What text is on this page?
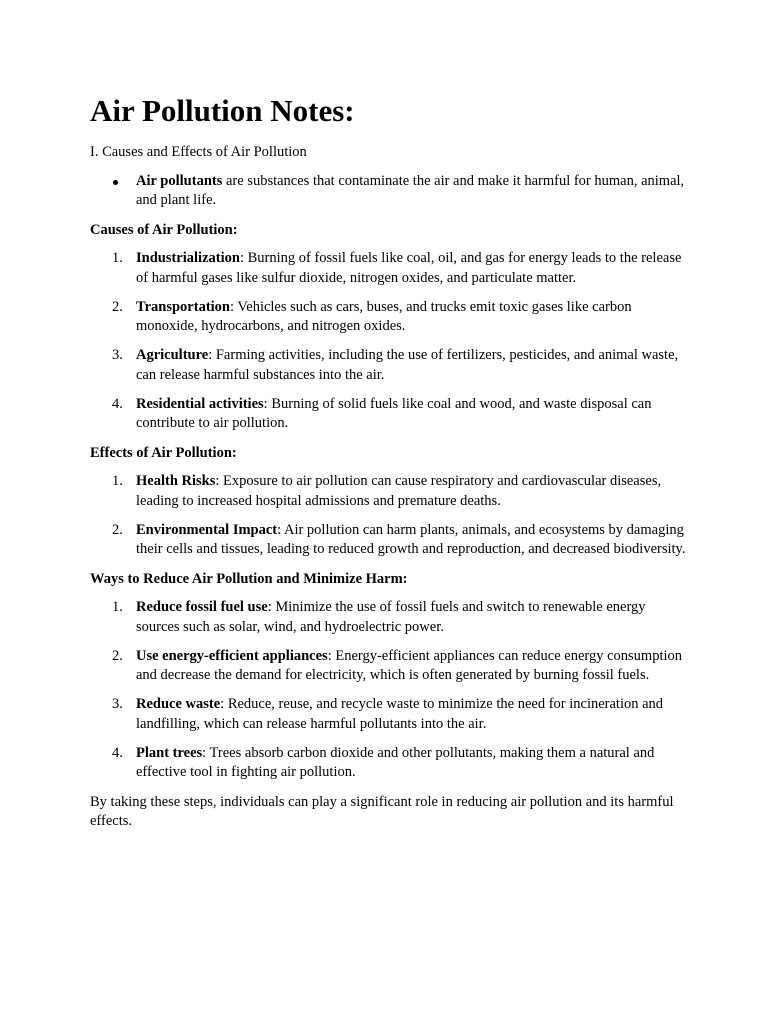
Air Pollution Notes:

I. Causes and Effects of Air Pollution

Air pollutants are substances that contaminate the air and make it harmful for human, animal, and plant life.

Causes of Air Pollution:

1. Industrialization: Burning of fossil fuels like coal, oil, and gas for energy leads to the release of harmful gases like sulfur dioxide, nitrogen oxides, and particulate matter.
2. Transportation: Vehicles such as cars, buses, and trucks emit toxic gases like carbon monoxide, hydrocarbons, and nitrogen oxides.
3. Agriculture: Farming activities, including the use of fertilizers, pesticides, and animal waste, can release harmful substances into the air.
4. Residential activities: Burning of solid fuels like coal and wood, and waste disposal can contribute to air pollution.

Effects of Air Pollution:

1. Health Risks: Exposure to air pollution can cause respiratory and cardiovascular diseases, leading to increased hospital admissions and premature deaths.
2. Environmental Impact: Air pollution can harm plants, animals, and ecosystems by damaging their cells and tissues, leading to reduced growth and reproduction, and decreased biodiversity.

Ways to Reduce Air Pollution and Minimize Harm:

1. Reduce fossil fuel use: Minimize the use of fossil fuels and switch to renewable energy sources such as solar, wind, and hydroelectric power.
2. Use energy-efficient appliances: Energy-efficient appliances can reduce energy consumption and decrease the demand for electricity, which is often generated by burning fossil fuels.
3. Reduce waste: Reduce, reuse, and recycle waste to minimize the need for incineration and landfilling, which can release harmful pollutants into the air.
4. Plant trees: Trees absorb carbon dioxide and other pollutants, making them a natural and effective tool in fighting air pollution.

By taking these steps, individuals can play a significant role in reducing air pollution and its harmful effects.
